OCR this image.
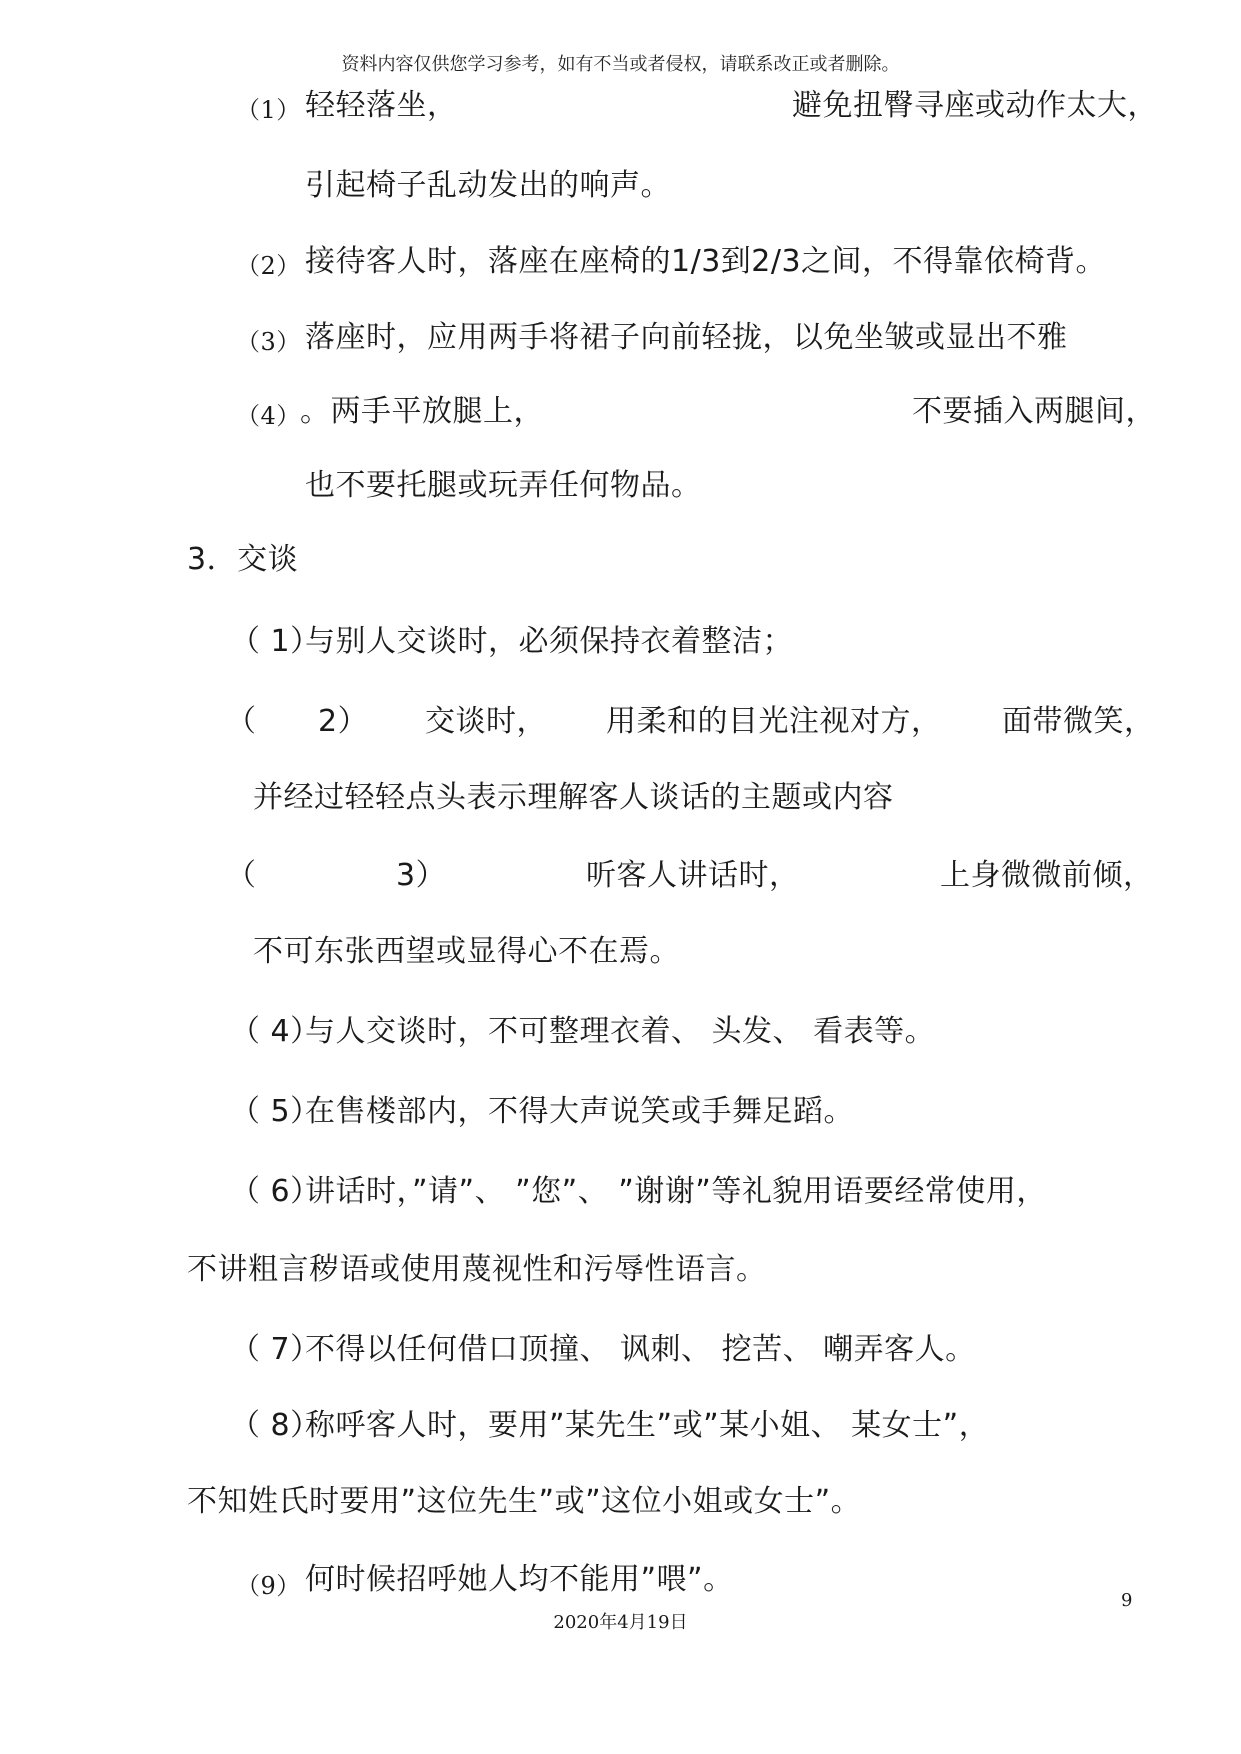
资料内容仅供您学习参考，如有不当或者侵权，请联系改正或者删除。
（1） 轻轻落坐，	避免扭臀寻座或动作太大，
引起椅子乱动发出的响声。
（2） 接待客人时，落座在座椅的1/3到2/3之间，不得靠依椅背。
（3） 落座时，应用两手将裙子向前轻拢，以免坐皱或显出不雅
（4） 。两手平放腿上，	不要插入两腿间，
也不要托腿或玩弄任何物品。
3．交谈
（ 1）
与别人交谈时，必须保持衣着整洁；
（ 2） 交谈时， 用柔和的目光注视对方， 面带微笑，
并经过轻轻点头表示理解客人谈话的主题或内容
（	3）	听客人讲话时，	上身微微前倾，
不可东张西望或显得心不在焉。
（ 4）
与人交谈时，不可整理衣着、 头发、 看表等。
（ 5）
在售楼部内，不得大声说笑或手舞足蹈。
（ 6）
讲话时，”请”、 ”您”、 ”谢谢”等礼貌用语要经常使用，
不讲粗言秽语或使用蔑视性和污辱性语言。
（ 7）
不得以任何借口顶撞、 讽刺、 挖苦、 嘲弄客人。
（ 8）
称呼客人时，要用”某先生”或”某小姐、 某女士”，
不知姓氏时要用”这位先生”或”这位小姐或女士”。
（9） 何时候招呼她人均不能用”喂”。
9
2020年4月19日
